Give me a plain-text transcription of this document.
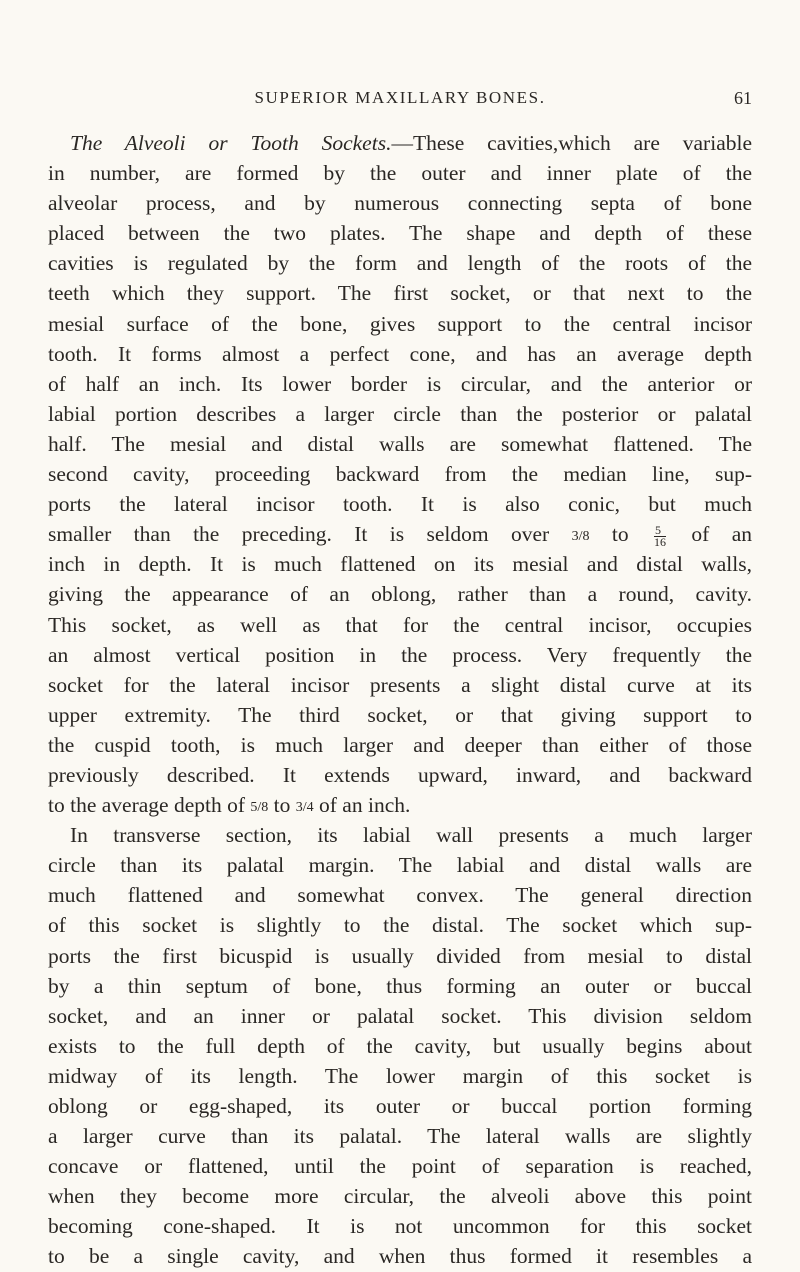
SUPERIOR MAXILLARY BONES.	61
The Alveoli or Tooth Sockets.—These cavities,which are variable
in number, are formed by the outer and inner plate of the
alveolar process, and by numerous connecting septa of bone
placed between the two plates. The shape and depth of these
cavities is regulated by the form and length of the roots of the
teeth which they support. The first socket, or that next to the
mesial surface of the bone, gives support to the central incisor
tooth. It forms almost a perfect cone, and has an average depth
of half an inch. Its lower border is circular, and the anterior or
labial portion describes a larger circle than the posterior or palatal
half. The mesial and distal walls are somewhat flattened. The
second cavity, proceeding backward from the median line, sup-
ports the lateral incisor tooth. It is also conic, but much
smaller than the preceding. It is seldom over 3/8 to $\frac{5}{16}$ of an
inch in depth. It is much flattened on its mesial and distal walls,
giving the appearance of an oblong, rather than a round, cavity.
This socket, as well as that for the central incisor, occupies
an almost vertical position in the process. Very frequently the
socket for the lateral incisor presents a slight distal curve at its
upper extremity. The third socket, or that giving support to
the cuspid tooth, is much larger and deeper than either of those
previously described. It extends upward, inward, and backward
to the average depth of 5/8 to 3/4 of an inch.
In transverse section, its labial wall presents a much larger
circle than its palatal margin. The labial and distal walls are
much flattened and somewhat convex. The general direction
of this socket is slightly to the distal. The socket which sup-
ports the first bicuspid is usually divided from mesial to distal
by a thin septum of bone, thus forming an outer or buccal
socket, and an inner or palatal socket. This division seldom
exists to the full depth of the cavity, but usually begins about
midway of its length. The lower margin of this socket is
oblong or egg-shaped, its outer or buccal portion forming
a larger curve than its palatal. The lateral walls are slightly
concave or flattened, until the point of separation is reached,
when they become more circular, the alveoli above this point
becoming cone-shaped. It is not uncommon for this socket
to be a single cavity, and when thus formed it resembles a
